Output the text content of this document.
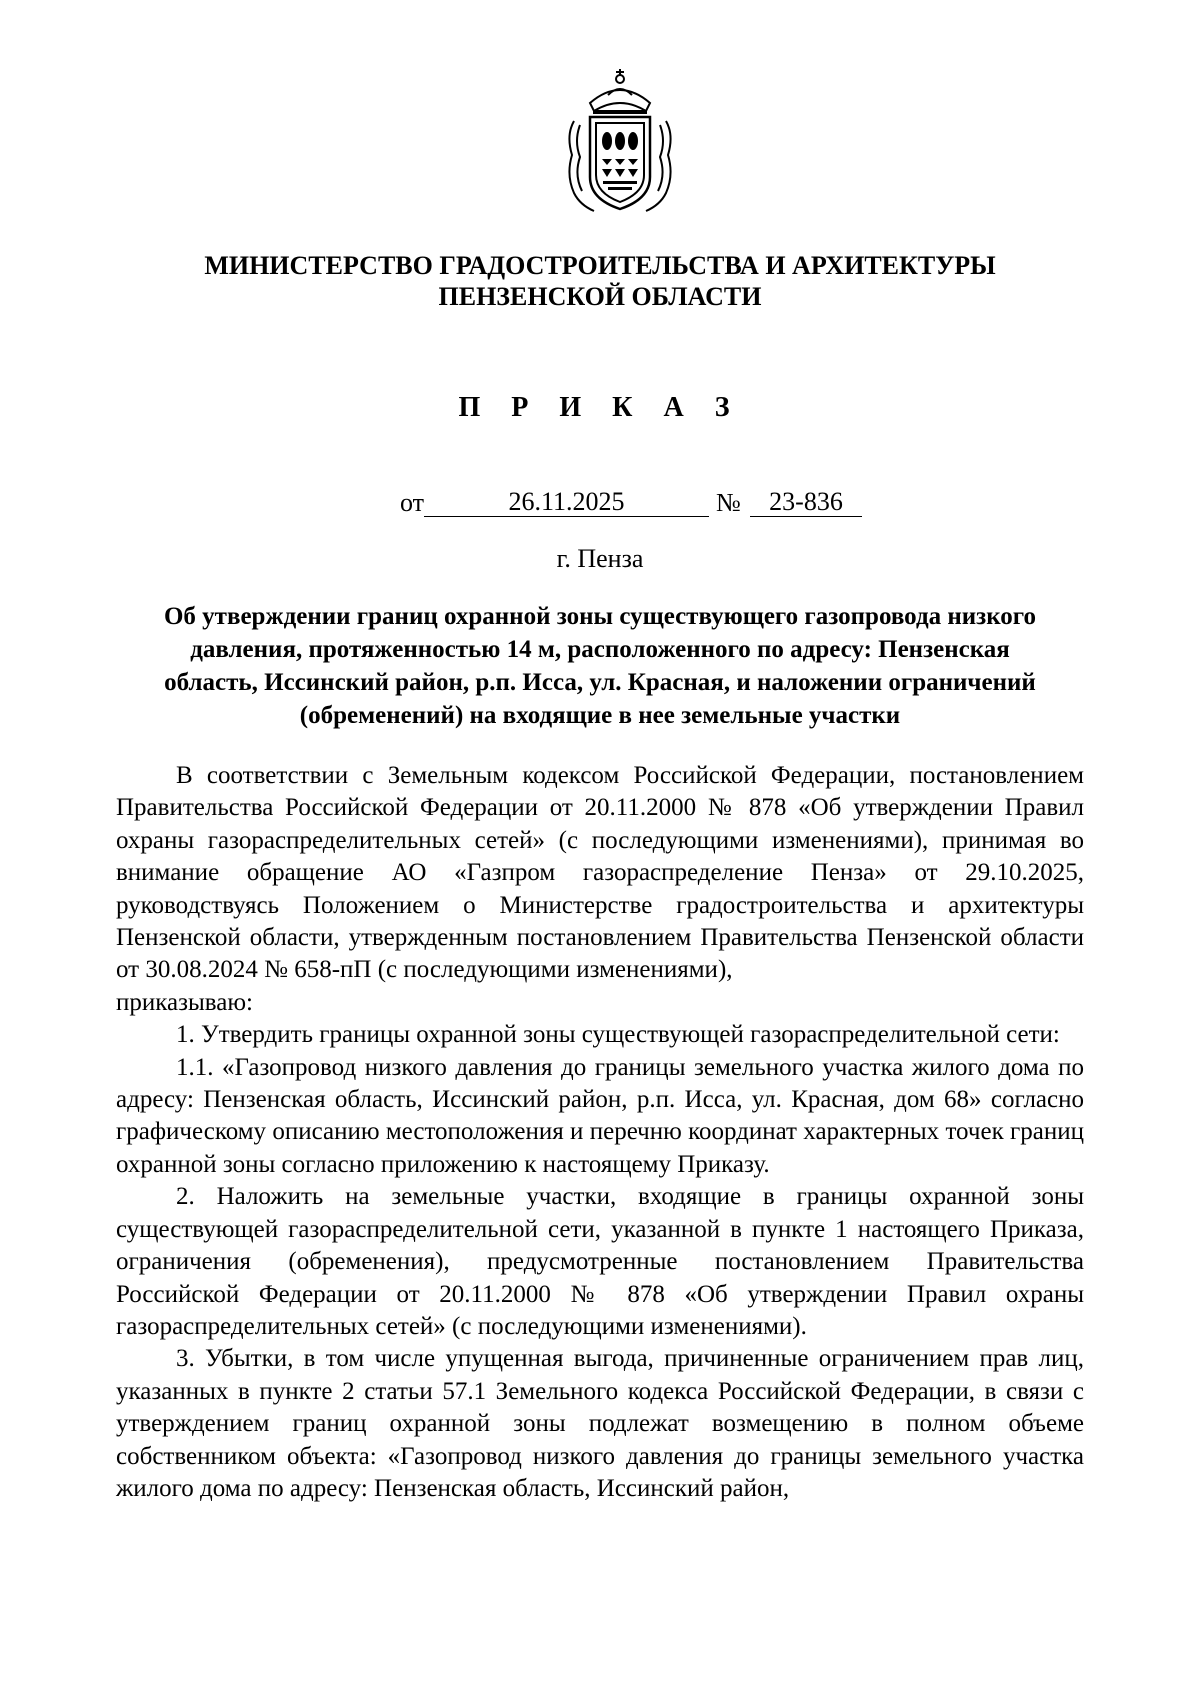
МИНИСТЕРСТВО ГРАДОСТРОИТЕЛЬСТВА И АРХИТЕКТУРЫ
ПЕНЗЕНСКОЙ ОБЛАСТИ
П Р И К А З
от	26.11.2025	№	23-836
г. Пенза
Об утверждении границ охранной зоны существующего газопровода низкого
давления, протяженностью 14 м, расположенного по адресу: Пензенская
область, Иссинский район, р.п. Исса, ул. Красная, и наложении ограничений
(обременений) на входящие в нее земельные участки

В соответствии с Земельным кодексом Российской Федерации, постановлением Правительства Российской Федерации от 20.11.2000 № 878 «Об утверждении Правил охраны газораспределительных сетей» (с последующими изменениями), принимая во внимание обращение АО «Газпром газораспределение Пенза» от 29.10.2025, руководствуясь Положением о Министерстве градостроительства и архитектуры Пензенской области, утвержденным постановлением Правительства Пензенской области от 30.08.2024 № 658-пП (с последующими изменениями),

приказываю:

1. Утвердить границы охранной зоны существующей газораспределительной сети:

1.1. «Газопровод низкого давления до границы земельного участка жилого дома по адресу: Пензенская область, Иссинский район, р.п. Исса, ул. Красная, дом 68» согласно графическому описанию местоположения и перечню координат характерных точек границ охранной зоны согласно приложению к настоящему Приказу.

2. Наложить на земельные участки, входящие в границы охранной зоны существующей газораспределительной сети, указанной в пункте 1 настоящего Приказа, ограничения (обременения), предусмотренные постановлением Правительства Российской Федерации от 20.11.2000 № 878 «Об утверждении Правил охраны газораспределительных сетей» (с последующими изменениями).

3. Убытки, в том числе упущенная выгода, причиненные ограничением прав лиц, указанных в пункте 2 статьи 57.1 Земельного кодекса Российской Федерации, в связи с утверждением границ охранной зоны подлежат возмещению в полном объеме собственником объекта: «Газопровод низкого давления до границы земельного участка жилого дома по адресу: Пензенская область, Иссинский район,
